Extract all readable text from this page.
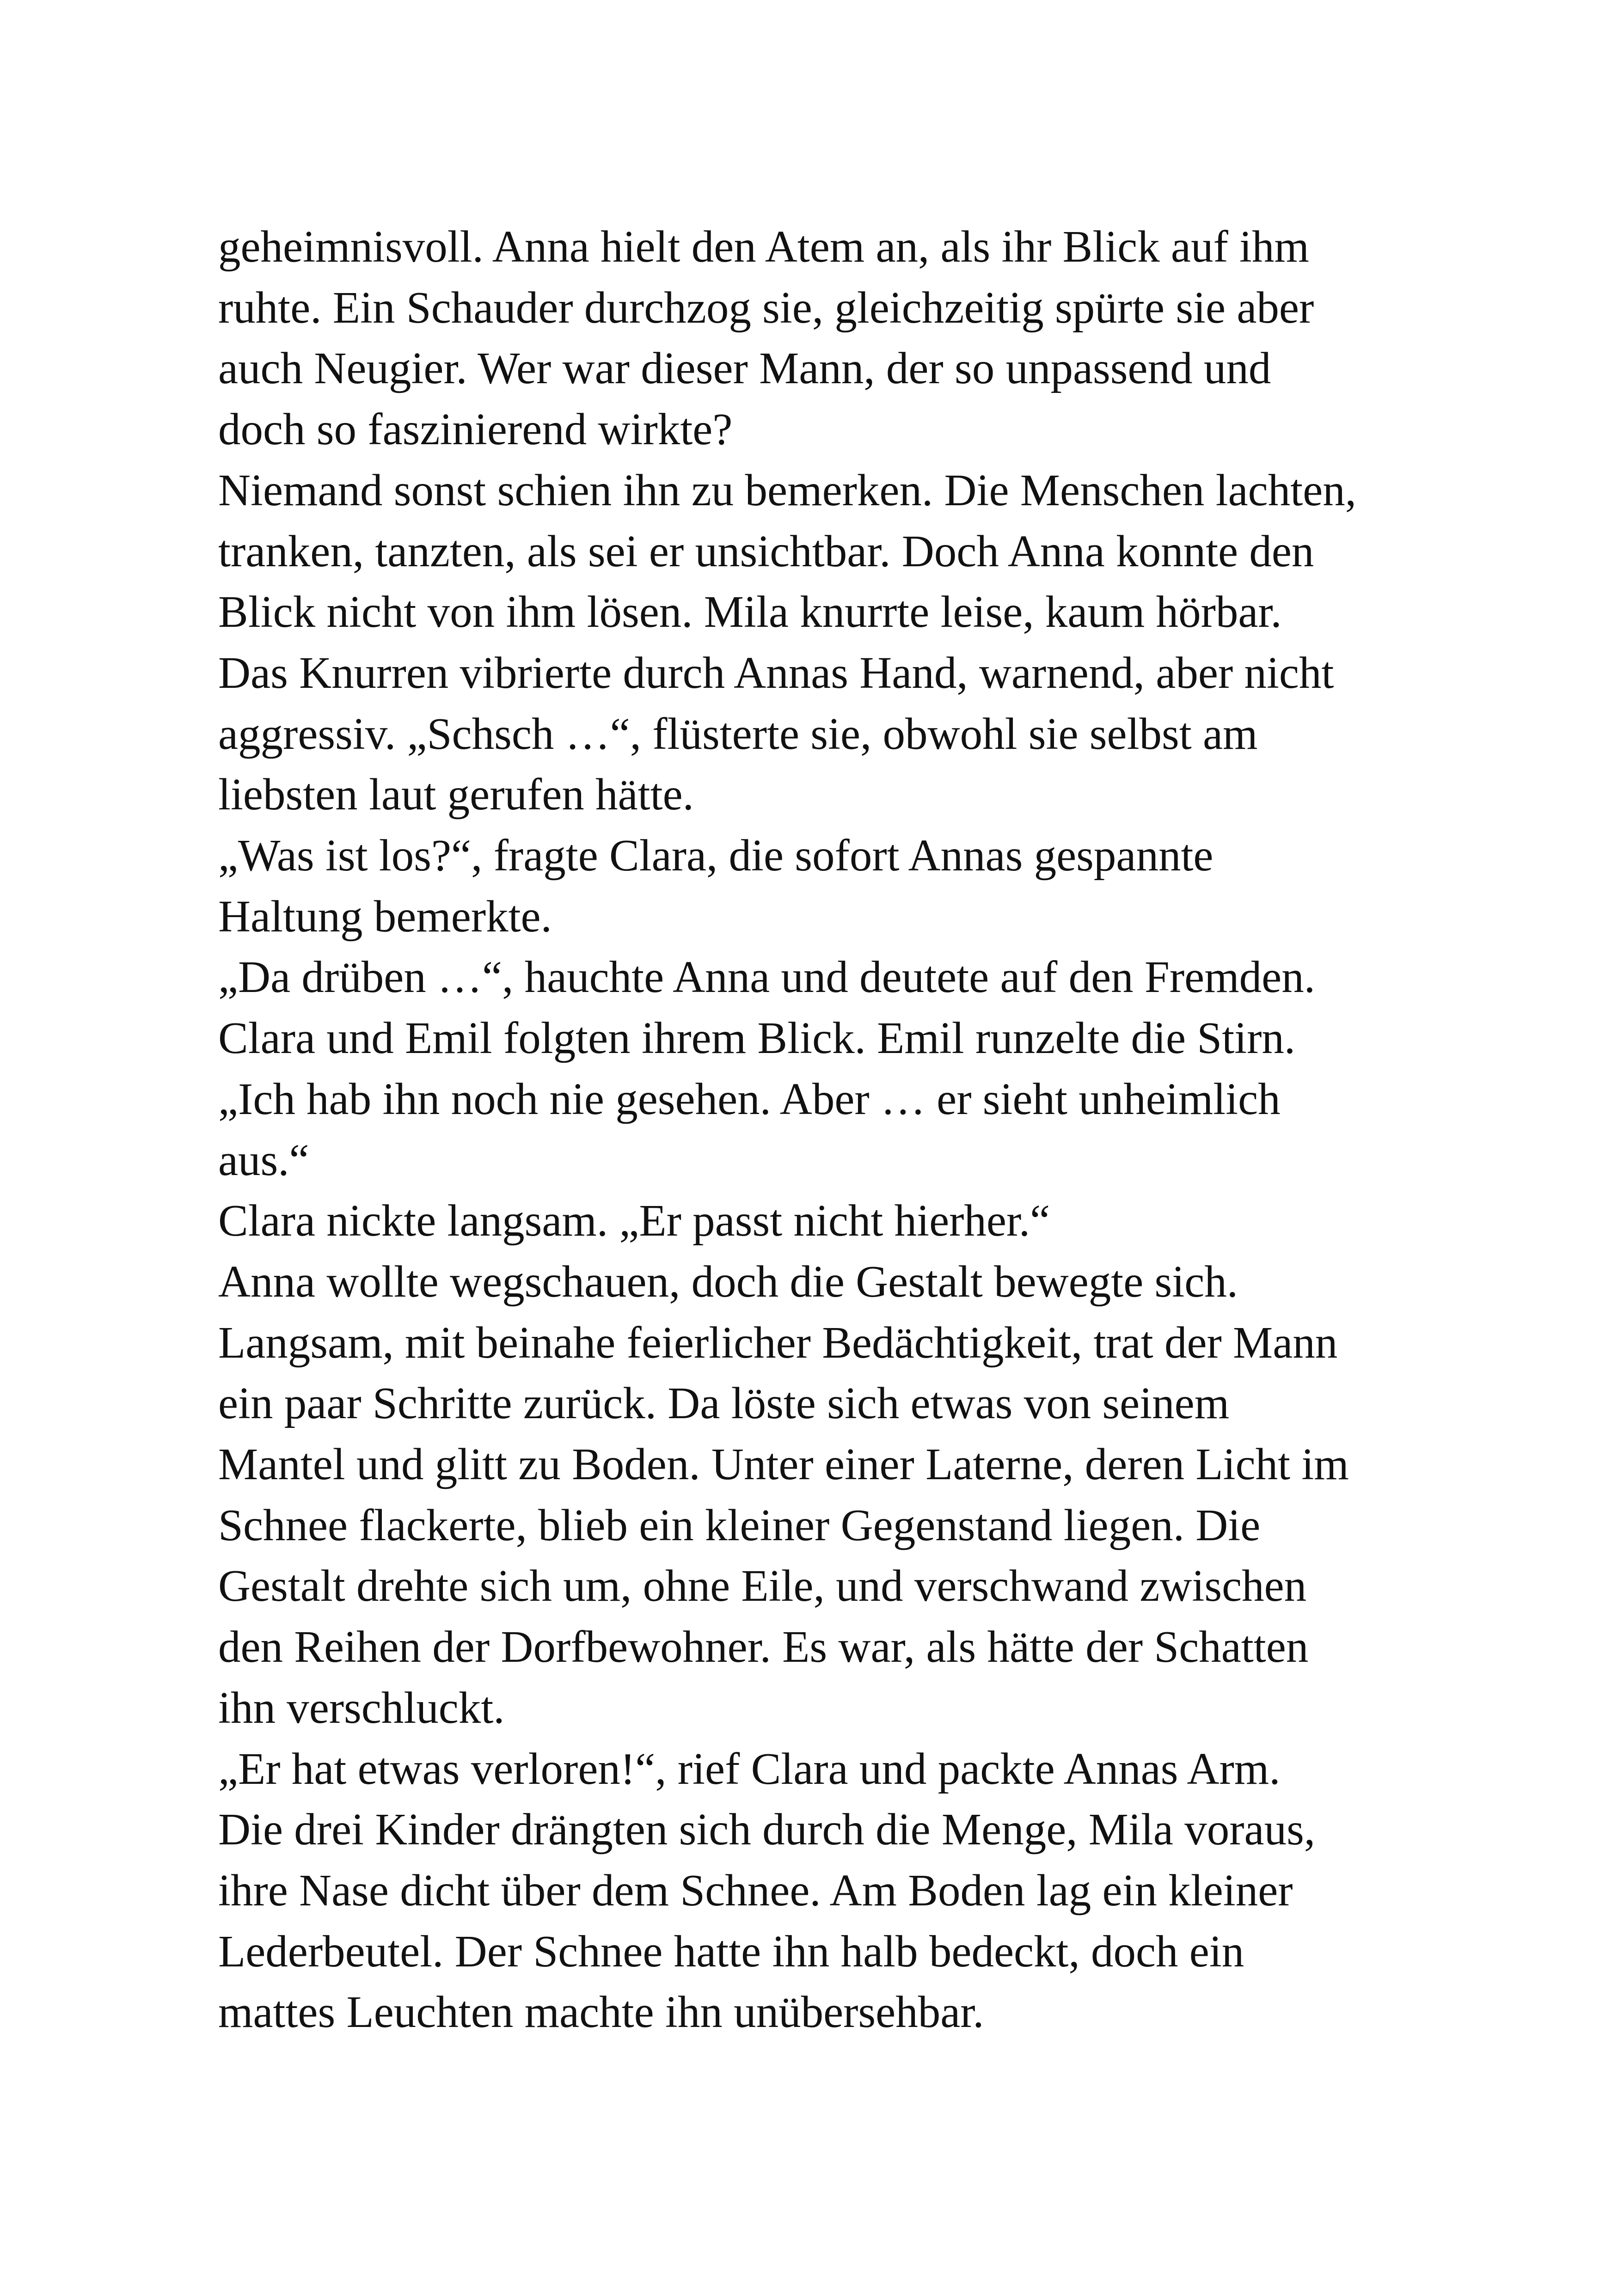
geheimnisvoll. Anna hielt den Atem an, als ihr Blick auf ihm
ruhte. Ein Schauder durchzog sie, gleichzeitig spürte sie aber
auch Neugier. Wer war dieser Mann, der so unpassend und
doch so faszinierend wirkte?
Niemand sonst schien ihn zu bemerken. Die Menschen lachten,
tranken, tanzten, als sei er unsichtbar. Doch Anna konnte den
Blick nicht von ihm lösen. Mila knurrte leise, kaum hörbar.
Das Knurren vibrierte durch Annas Hand, warnend, aber nicht
aggressiv. „Schsch …“, flüsterte sie, obwohl sie selbst am
liebsten laut gerufen hätte.
„Was ist los?“, fragte Clara, die sofort Annas gespannte
Haltung bemerkte.
„Da drüben …“, hauchte Anna und deutete auf den Fremden.
Clara und Emil folgten ihrem Blick. Emil runzelte die Stirn.
„Ich hab ihn noch nie gesehen. Aber … er sieht unheimlich
aus.“
Clara nickte langsam. „Er passt nicht hierher.“
Anna wollte wegschauen, doch die Gestalt bewegte sich.
Langsam, mit beinahe feierlicher Bedächtigkeit, trat der Mann
ein paar Schritte zurück. Da löste sich etwas von seinem
Mantel und glitt zu Boden. Unter einer Laterne, deren Licht im
Schnee flackerte, blieb ein kleiner Gegenstand liegen. Die
Gestalt drehte sich um, ohne Eile, und verschwand zwischen
den Reihen der Dorfbewohner. Es war, als hätte der Schatten
ihn verschluckt.
„Er hat etwas verloren!“, rief Clara und packte Annas Arm.
Die drei Kinder drängten sich durch die Menge, Mila voraus,
ihre Nase dicht über dem Schnee. Am Boden lag ein kleiner
Lederbeutel. Der Schnee hatte ihn halb bedeckt, doch ein
mattes Leuchten machte ihn unübersehbar.
